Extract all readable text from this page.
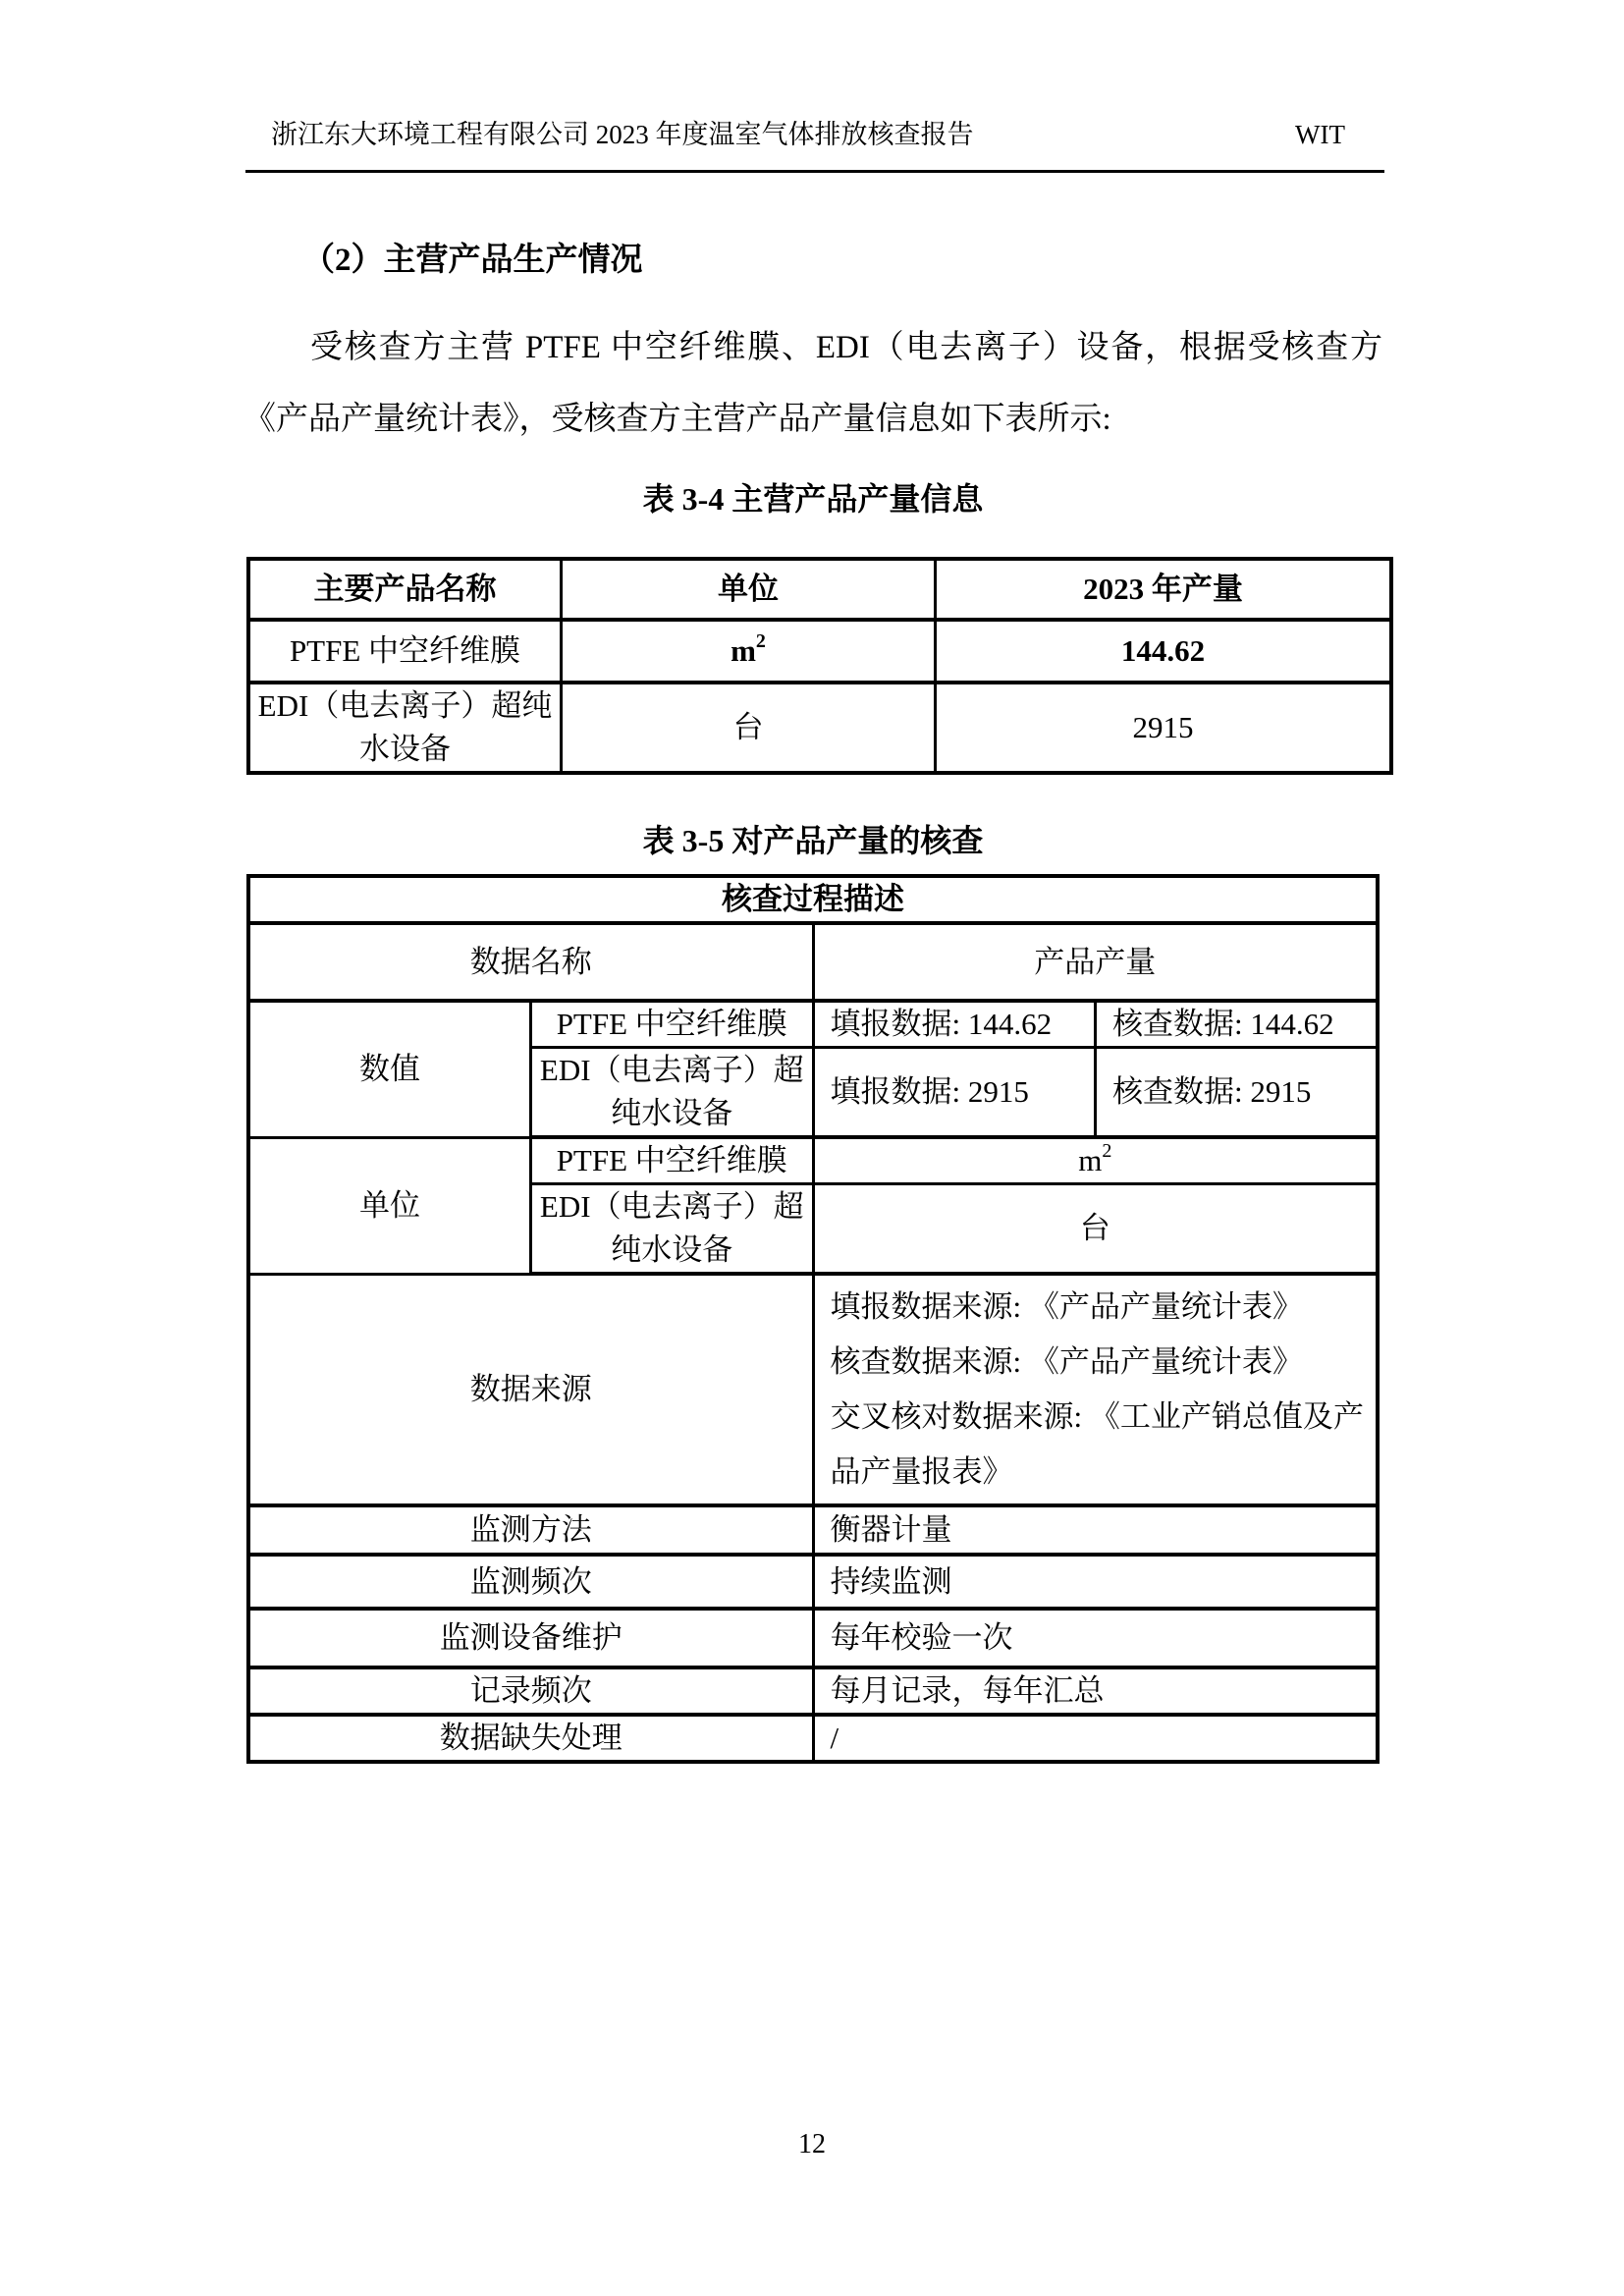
浙江东大环境工程有限公司 2023 年度温室气体排放核查报告	WIT
（2）主营产品生产情况
受核查方主营 PTFE 中空纤维膜、EDI（电去离子）设备，根据受核查方
《产品产量统计表》，受核查方主营产品产量信息如下表所示:
表 3-4 主营产品产量信息
主要产品名称	单位	2023 年产量
PTFE 中空纤维膜	$m^2$	144.62
EDI（电去离子）超纯水设备	台	2915
表 3-5 对产品产量的核查
核查过程描述			
数据名称		产品产量	
数值	PTFE 中空纤维膜	填报数据: 144.62	核查数据: 144.62
	EDI（电去离子）超纯水设备	填报数据: 2915	核查数据: 2915
单位	PTFE 中空纤维膜	$m^2$
	EDI（电去离子）超纯水设备	台	
数据来源		填报数据来源: 《产品产量统计表》
核查数据来源: 《产品产量统计表》
交叉核对数据来源: 《工业产销总值及产品产量报表》	

监测方法		衡器计量	
监测频次		持续监测	
监测设备维护		每年校验一次	
记录频次		每月记录，每年汇总	
数据缺失处理		/	
12
